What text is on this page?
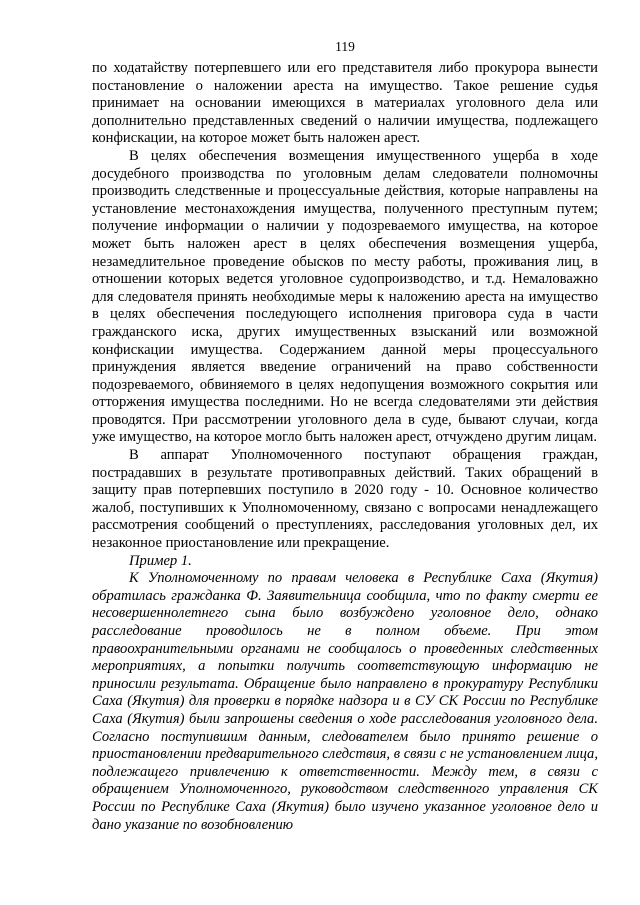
119

по ходатайству потерпевшего или его представителя либо прокурора вынести постановление о наложении ареста на имущество. Такое решение судья принимает на основании имеющихся в материалах уголовного дела или дополнительно представленных сведений о наличии имущества, подлежащего конфискации, на которое может быть наложен арест.

В целях обеспечения возмещения имущественного ущерба в ходе досудебного производства по уголовным делам следователи полномочны производить следственные и процессуальные действия, которые направлены на установление местонахождения имущества, полученного преступным путем; получение информации о наличии у подозреваемого имущества, на которое может быть наложен арест в целях обеспечения возмещения ущерба, незамедлительное проведение обысков по месту работы, проживания лиц, в отношении которых ведется уголовное судопроизводство, и т.д. Немаловажно для следователя принять необходимые меры к наложению ареста на имущество в целях обеспечения последующего исполнения приговора суда в части гражданского иска, других имущественных взысканий или возможной конфискации имущества. Содержанием данной меры процессуального принуждения является введение ограничений на право собственности подозреваемого, обвиняемого в целях недопущения возможного сокрытия или отторжения имущества последними. Но не всегда следователями эти действия проводятся. При рассмотрении уголовного дела в суде, бывают случаи, когда уже имущество, на которое могло быть наложен арест, отчуждено другим лицам.

В аппарат Уполномоченного поступают обращения граждан, пострадавших в результате противоправных действий. Таких обращений в защиту прав потерпевших поступило в 2020 году - 10. Основное количество жалоб, поступивших к Уполномоченному, связано с вопросами ненадлежащего рассмотрения сообщений о преступлениях, расследования уголовных дел, их незаконное приостановление или прекращение.

Пример 1.

К Уполномоченному по правам человека в Республике Саха (Якутия) обратилась гражданка Ф. Заявительница сообщила, что по факту смерти ее несовершеннолетнего сына было возбуждено уголовное дело, однако расследование проводилось не в полном объеме. При этом правоохранительными органами не сообщалось о проведенных следственных мероприятиях, а попытки получить соответствующую информацию не приносили результата. Обращение было направлено в прокуратуру Республики Саха (Якутия) для проверки в порядке надзора и в СУ СК России по Республике Саха (Якутия) были запрошены сведения о ходе расследования уголовного дела. Согласно поступившим данным, следователем было принято решение о приостановлении предварительного следствия, в связи с не установлением лица, подлежащего привлечению к ответственности. Между тем, в связи с обращением Уполномоченного, руководством следственного управления СК России по Республике Саха (Якутия) было изучено указанное уголовное дело и дано указание по возобновлению
